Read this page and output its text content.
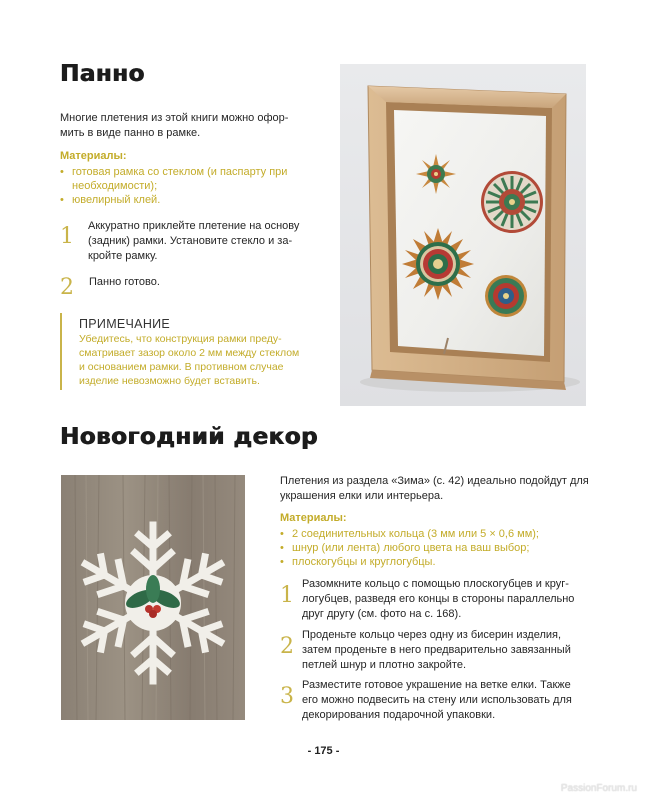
Панно
Многие плетения из этой книги можно офор-
мить в виде панно в рамке.
Материалы:
• готовая рамка со стеклом (и паспарту при
необходимости);
• ювелирный клей.
1 Аккуратно приклейте плетение на основу
(задник) рамки. Установите стекло и за-
кройте рамку.
2 Панно готово.
ПРИМЕЧАНИЕ
Убедитесь, что конструкция рамки преду-
сматривает зазор около 2 мм между стеклом
и основанием рамки. В противном случае
изделие невозможно будет вставить.
Новогодний декор
Плетения из раздела «Зима» (с. 42) идеально подойдут для
украшения елки или интерьера.
Материалы:
• 2 соединительных кольца (3 мм или 5 × 0,6 мм);
• шнур (или лента) любого цвета на ваш выбор;
• плоскогубцы и круглогубцы.
1 Разомкните кольцо с помощью плоскогубцев и круг-
логубцев, разведя его концы в стороны параллельно
друг другу (см. фото на с. 168).
2 Проденьте кольцо через одну из бисерин изделия,
затем проденьте в него предварительно завязанный
петлей шнур и плотно закройте.
3 Разместите готовое украшение на ветке елки. Также
его можно подвесить на стену или использовать для
декорирования подарочной упаковки.
- 175 -
PassionForum.ru
